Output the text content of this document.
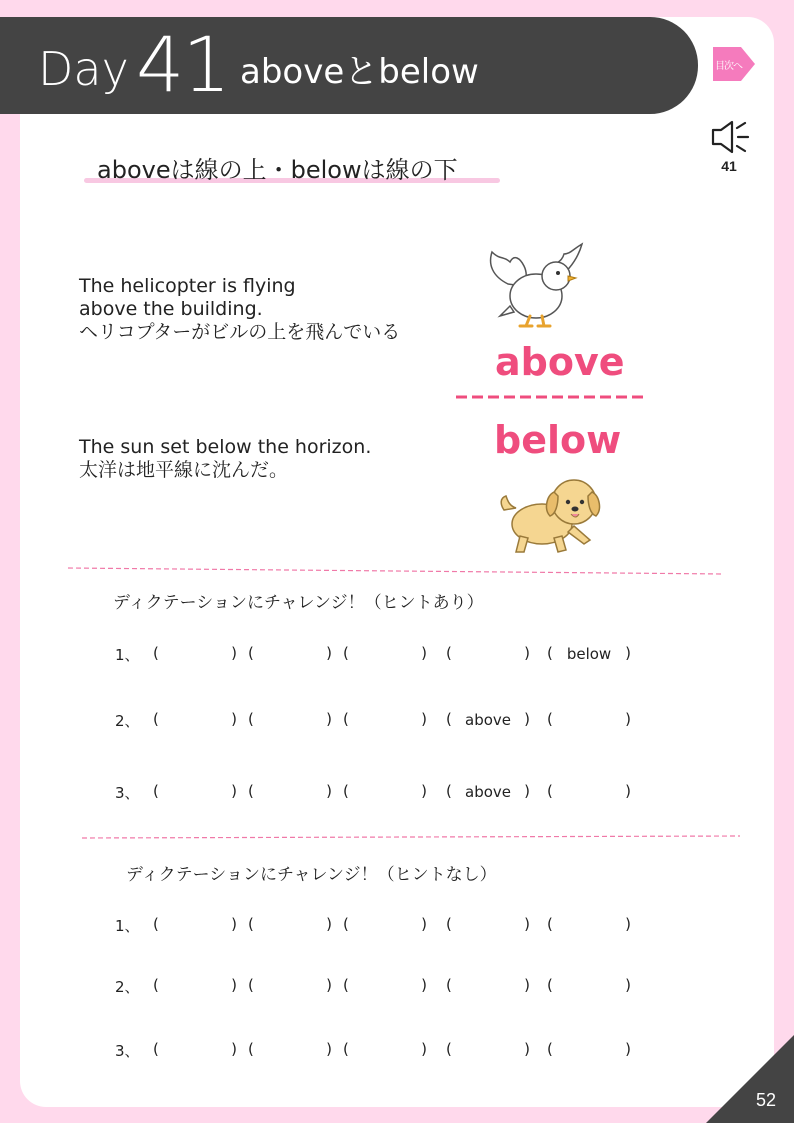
Day 41 aboveとbelow	目次へ
41
aboveは線の上・belowは線の下
The helicopter is flying
above the building.
ヘリコプターがビルの上を飛んでいる
The sun set below the horizon.
太洋は地平線に沈んだ。
above
below
ディクテーションにチャレンジ！（ヒントあり）
1、 (	) (	) (	) (	) ( below )
2、 (	) (	) (	) ( above ) (	)
3、 (	) (	) (	) ( above ) (	)
ディクテーションにチャレンジ！（ヒントなし）
1、 (	) (	) (	) (	) (	)
2、 (	) (	) (	) (	) (	)
3、 (	) (	) (	) (	) (	)
52
